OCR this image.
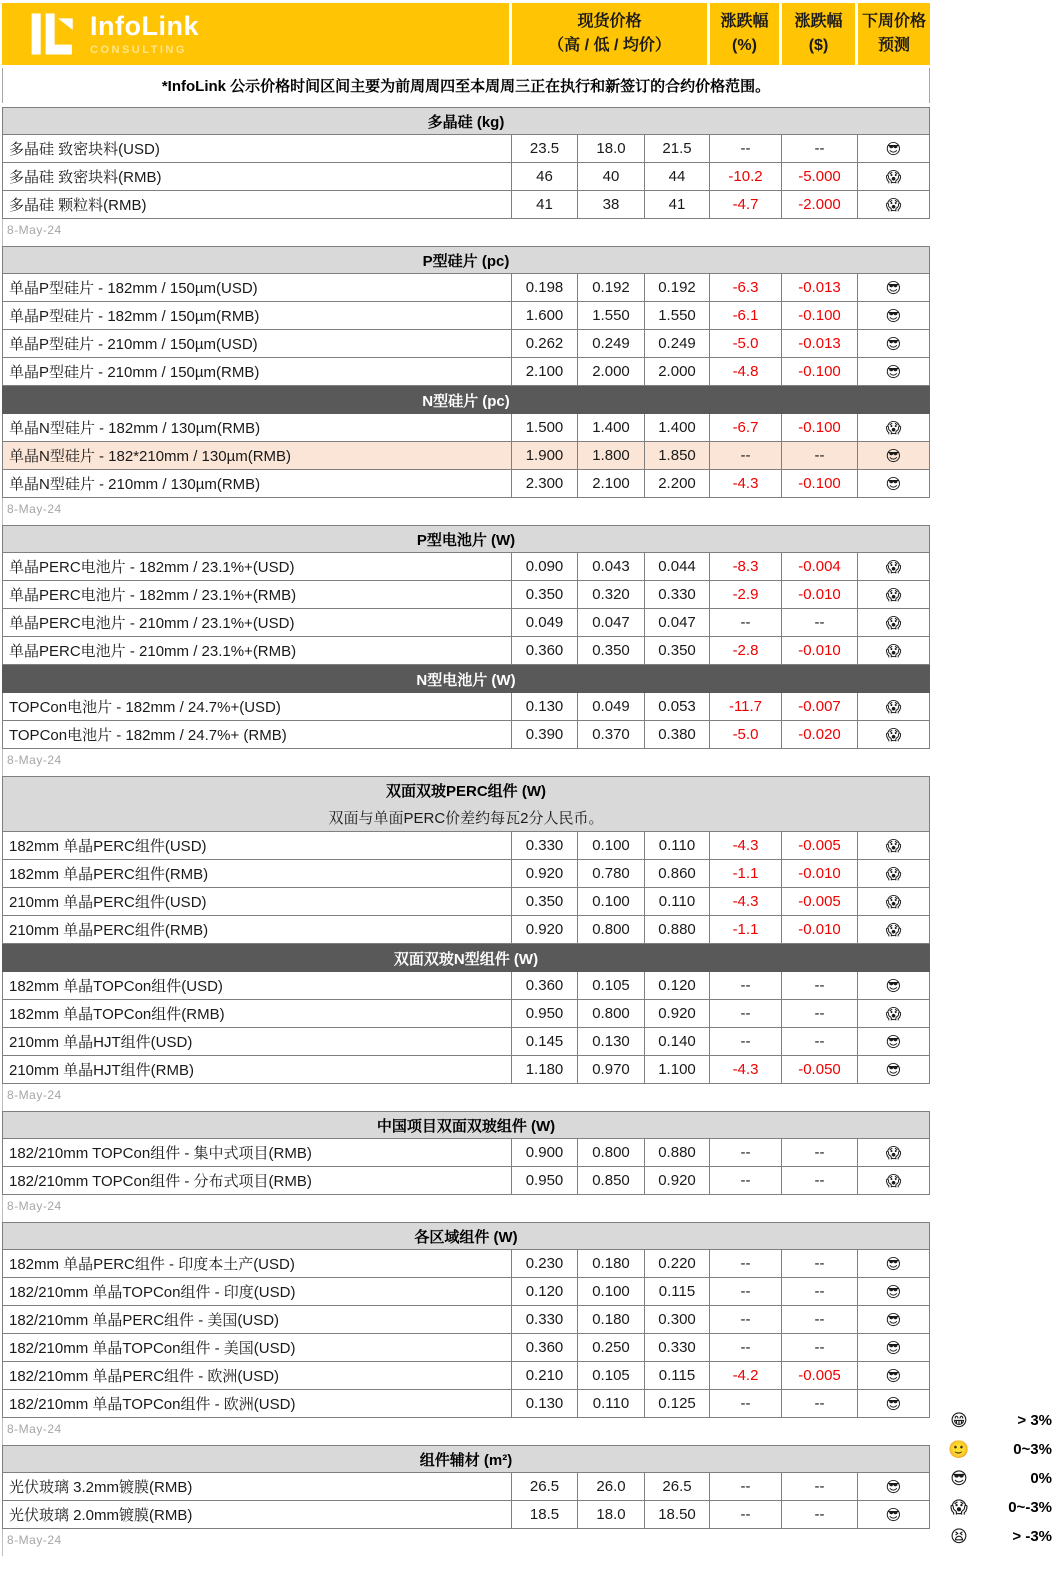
InfoLink
CONSULTING
现货价格
（高 / 低 / 均价）
涨跌幅
(%)
涨跌幅
($)
下周价格
预测
*InfoLink 公示价格时间区间主要为前周周四至本周周三正在执行和新签订的合约价格范围。
多晶硅 (kg)
多晶硅 致密块料(USD)	23.5	18.0	21.5	--	--	😎
多晶硅 致密块料(RMB)	46	40	44	-10.2	-5.000	😱
多晶硅 颗粒料(RMB)	41	38	41	-4.7	-2.000	😱
8-May-24
P型硅片 (pc)
单晶P型硅片 - 182mm / 150µm(USD)	0.198	0.192	0.192	-6.3	-0.013	😎
单晶P型硅片 - 182mm / 150µm(RMB)	1.600	1.550	1.550	-6.1	-0.100	😎
单晶P型硅片 - 210mm / 150µm(USD)	0.262	0.249	0.249	-5.0	-0.013	😎
单晶P型硅片 - 210mm / 150µm(RMB)	2.100	2.000	2.000	-4.8	-0.100	😎
N型硅片 (pc)
单晶N型硅片 - 182mm / 130µm(RMB)	1.500	1.400	1.400	-6.7	-0.100	😱
单晶N型硅片 - 182*210mm / 130µm(RMB)	1.900	1.800	1.850	--	--	😎
单晶N型硅片 - 210mm / 130µm(RMB)	2.300	2.100	2.200	-4.3	-0.100	😎
8-May-24
P型电池片 (W)
单晶PERC电池片 - 182mm / 23.1%+(USD)	0.090	0.043	0.044	-8.3	-0.004	😱
单晶PERC电池片 - 182mm / 23.1%+(RMB)	0.350	0.320	0.330	-2.9	-0.010	😱
单晶PERC电池片 - 210mm / 23.1%+(USD)	0.049	0.047	0.047	--	--	😱
单晶PERC电池片 - 210mm / 23.1%+(RMB)	0.360	0.350	0.350	-2.8	-0.010	😱
N型电池片 (W)
TOPCon电池片 - 182mm / 24.7%+(USD)	0.130	0.049	0.053	-11.7	-0.007	😱
TOPCon电池片 - 182mm / 24.7%+ (RMB)	0.390	0.370	0.380	-5.0	-0.020	😱
8-May-24
双面双玻PERC组件 (W)
双面与单面PERC价差约每瓦2分人民币。
182mm 单晶PERC组件(USD)	0.330	0.100	0.110	-4.3	-0.005	😱
182mm 单晶PERC组件(RMB)	0.920	0.780	0.860	-1.1	-0.010	😱
210mm 单晶PERC组件(USD)	0.350	0.100	0.110	-4.3	-0.005	😱
210mm 单晶PERC组件(RMB)	0.920	0.800	0.880	-1.1	-0.010	😱
双面双玻N型组件 (W)
182mm 单晶TOPCon组件(USD)	0.360	0.105	0.120	--	--	😎
182mm 单晶TOPCon组件(RMB)	0.950	0.800	0.920	--	--	😱
210mm 单晶HJT组件(USD)	0.145	0.130	0.140	--	--	😎
210mm 单晶HJT组件(RMB)	1.180	0.970	1.100	-4.3	-0.050	😎
8-May-24
中国项目双面双玻组件 (W)
182/210mm TOPCon组件 - 集中式项目(RMB)	0.900	0.800	0.880	--	--	😱
182/210mm TOPCon组件 - 分布式项目(RMB)	0.950	0.850	0.920	--	--	😱
8-May-24
各区域组件 (W)
182mm 单晶PERC组件 - 印度本土产(USD)	0.230	0.180	0.220	--	--	😎
182/210mm 单晶TOPCon组件 - 印度(USD)	0.120	0.100	0.115	--	--	😎
182/210mm 单晶PERC组件 - 美国(USD)	0.330	0.180	0.300	--	--	😎
182/210mm 单晶TOPCon组件 - 美国(USD)	0.360	0.250	0.330	--	--	😎
182/210mm 单晶PERC组件 - 欧洲(USD)	0.210	0.105	0.115	-4.2	-0.005	😎
182/210mm 单晶TOPCon组件 - 欧洲(USD)	0.130	0.110	0.125	--	--	😎
8-May-24
组件辅材 (m²)
光伏玻璃 3.2mm镀膜(RMB)	26.5	26.0	26.5	--	--	😎
光伏玻璃 2.0mm镀膜(RMB)	18.5	18.0	18.50	--	--	😎
8-May-24
😁	> 3%
🙂	0~3%
😎	0%
😱	0~-3%
😫	> -3%
